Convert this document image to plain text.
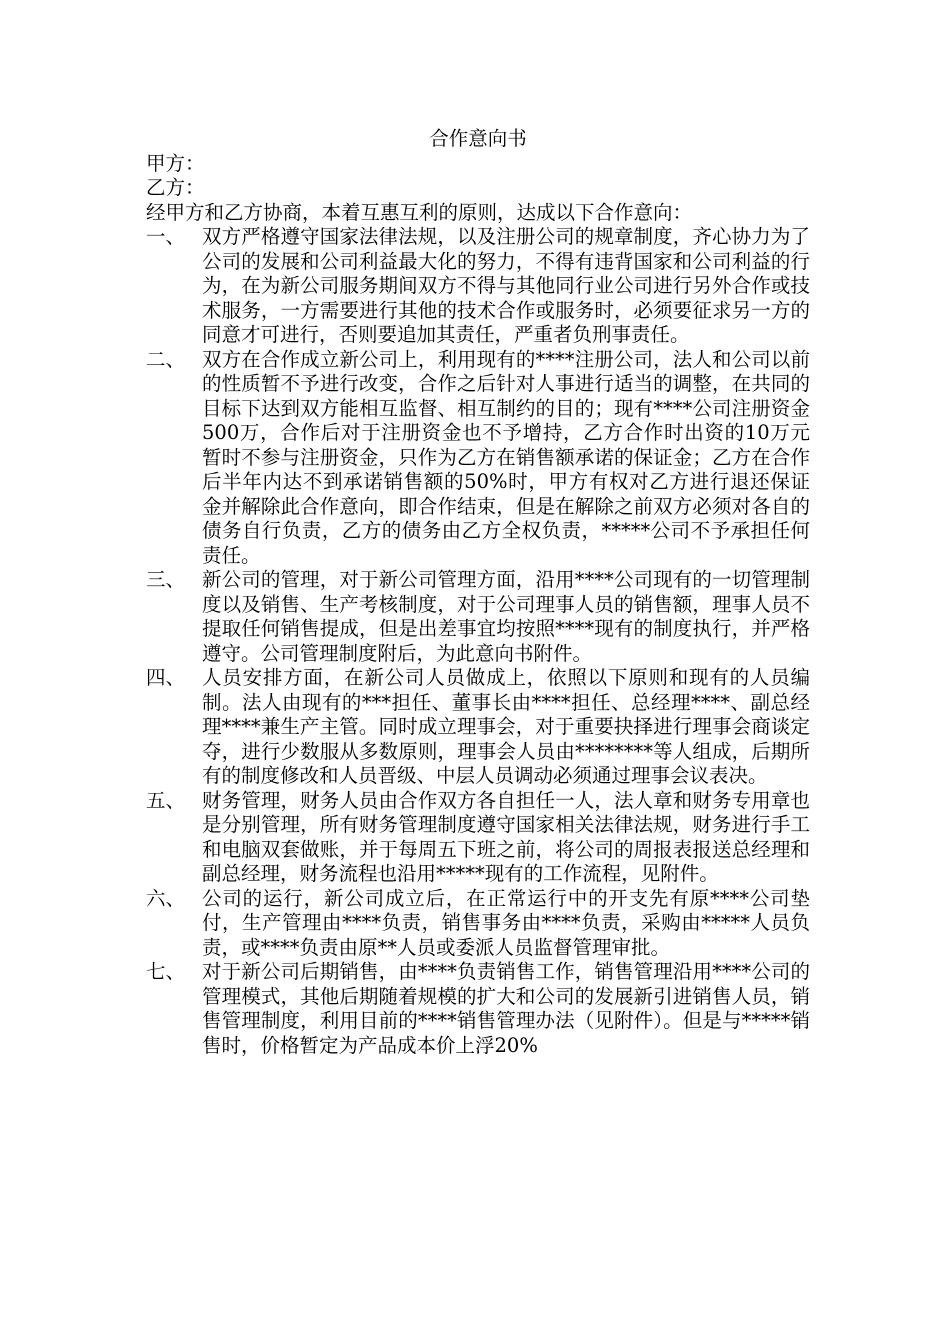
合作意向书

甲方：

乙方：

经甲方和乙方协商，本着互惠互利的原则，达成以下合作意向：

一、 双方严格遵守国家法律法规，以及注册公司的规章制度，齐心协力为了公司的发展和公司利益最大化的努力，不得有违背国家和公司利益的行为，在为新公司服务期间双方不得与其他同行业公司进行另外合作或技术服务，一方需要进行其他的技术合作或服务时，必须要征求另一方的同意才可进行，否则要追加其责任，严重者负刑事责任。
二、 双方在合作成立新公司上，利用现有的****注册公司，法人和公司以前的性质暂不予进行改变，合作之后针对人事进行适当的调整，在共同的目标下达到双方能相互监督、相互制约的目的；现有****公司注册资金500万，合作后对于注册资金也不予增持，乙方合作时出资的10万元暂时不参与注册资金，只作为乙方在销售额承诺的保证金；乙方在合作后半年内达不到承诺销售额的50%时，甲方有权对乙方进行退还保证金并解除此合作意向，即合作结束，但是在解除之前双方必须对各自的债务自行负责，乙方的债务由乙方全权负责，*****公司不予承担任何责任。
三、 新公司的管理，对于新公司管理方面，沿用****公司现有的一切管理制度以及销售、生产考核制度，对于公司理事人员的销售额，理事人员不提取任何销售提成，但是出差事宜均按照****现有的制度执行，并严格遵守。公司管理制度附后，为此意向书附件。
四、 人员安排方面，在新公司人员做成上，依照以下原则和现有的人员编制。法人由现有的***担任、董事长由****担任、总经理****、副总经理****兼生产主管。同时成立理事会，对于重要抉择进行理事会商谈定夺，进行少数服从多数原则，理事会人员由********等人组成，后期所有的制度修改和人员晋级、中层人员调动必须通过理事会议表决。
五、 财务管理，财务人员由合作双方各自担任一人，法人章和财务专用章也是分别管理，所有财务管理制度遵守国家相关法律法规，财务进行手工和电脑双套做账，并于每周五下班之前，将公司的周报表报送总经理和副总经理，财务流程也沿用*****现有的工作流程，见附件。
六、 公司的运行，新公司成立后，在正常运行中的开支先有原****公司垫付，生产管理由****负责，销售事务由****负责，采购由*****人员负责，或****负责由原**人员或委派人员监督管理审批。
七、 对于新公司后期销售，由****负责销售工作，销售管理沿用****公司的管理模式，其他后期随着规模的扩大和公司的发展新引进销售人员，销售管理制度，利用目前的****销售管理办法（见附件）。但是与*****销售时，价格暂定为产品成本价上浮20%
